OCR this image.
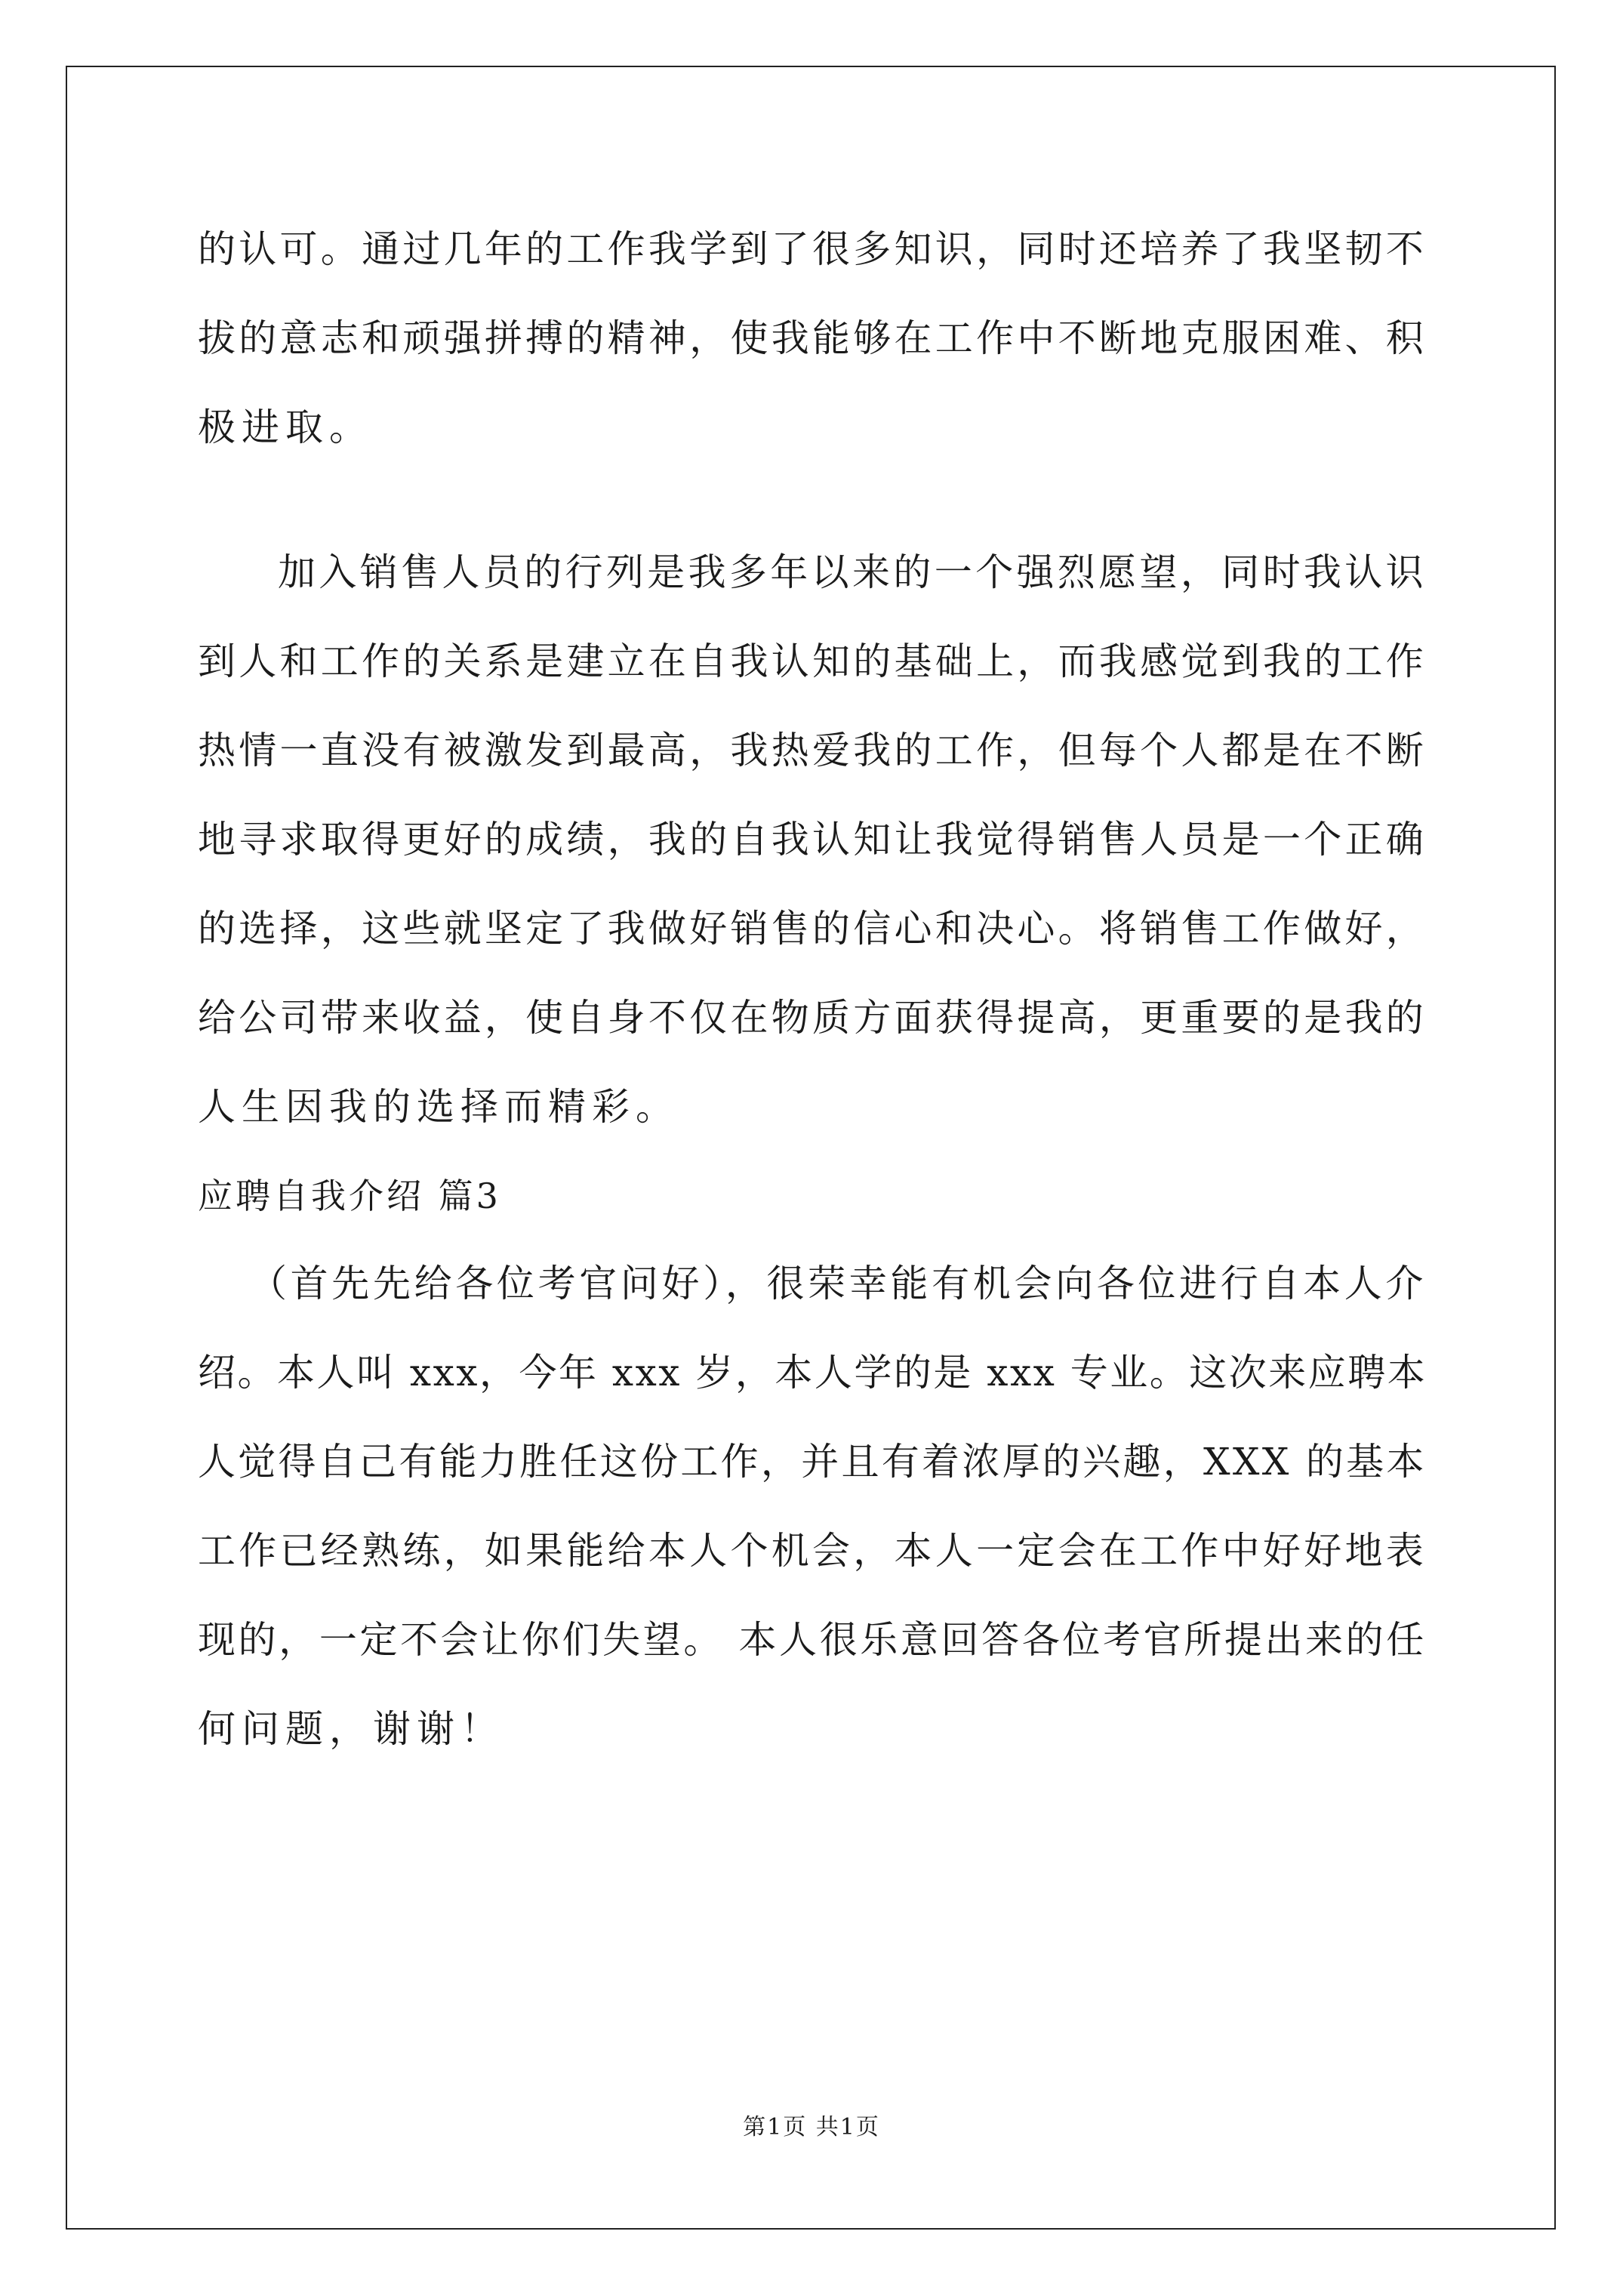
的认可。通过几年的工作我学到了很多知识，同时还培养了我坚韧不
拔的意志和顽强拼搏的精神，使我能够在工作中不断地克服困难、积
极进取。
加入销售人员的行列是我多年以来的一个强烈愿望，同时我认识
到人和工作的关系是建立在自我认知的基础上，而我感觉到我的工作
热情一直没有被激发到最高，我热爱我的工作，但每个人都是在不断
地寻求取得更好的成绩，我的自我认知让我觉得销售人员是一个正确
的选择，这些就坚定了我做好销售的信心和决心。将销售工作做好，
给公司带来收益，使自身不仅在物质方面获得提高，更重要的是我的
人生因我的选择而精彩。
应聘自我介绍 篇3
（首先先给各位考官问好），很荣幸能有机会向各位进行自本人介
绍。本人叫 xxx，今年 xxx 岁，本人学的是 xxx 专业。这次来应聘本
人觉得自己有能力胜任这份工作，并且有着浓厚的兴趣，XXX 的基本
工作已经熟练，如果能给本人个机会，本人一定会在工作中好好地表
现的，一定不会让你们失望。 本人很乐意回答各位考官所提出来的任
何问题，谢谢！
第1页 共1页
